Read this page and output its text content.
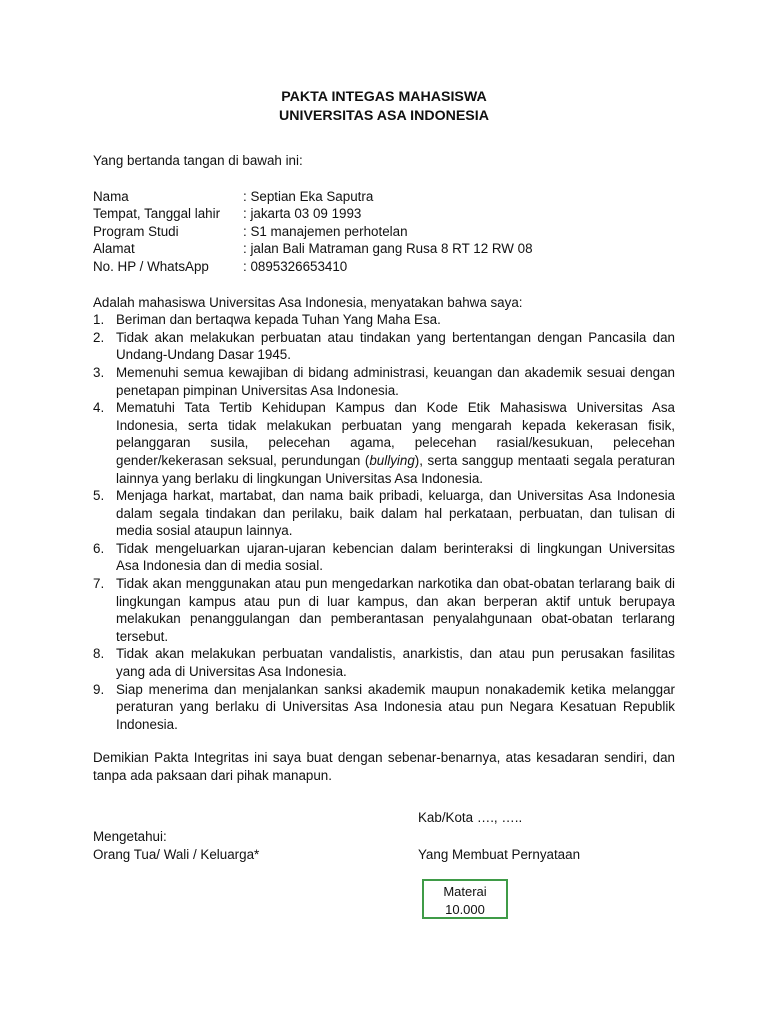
PAKTA INTEGAS MAHASISWA
UNIVERSITAS ASA INDONESIA
Yang bertanda tangan di bawah ini:
Nama	: Septian Eka Saputra
Tempat, Tanggal lahir	: jakarta 03 09 1993
Program Studi	: S1 manajemen perhotelan
Alamat	: jalan Bali Matraman gang Rusa 8 RT 12 RW 08
No. HP / WhatsApp	: 0895326653410
Adalah mahasiswa Universitas Asa Indonesia, menyatakan bahwa saya:
1. Beriman dan bertaqwa kepada Tuhan Yang Maha Esa.
2. Tidak akan melakukan perbuatan atau tindakan yang bertentangan dengan Pancasila dan Undang-Undang Dasar 1945.
3. Memenuhi semua kewajiban di bidang administrasi, keuangan dan akademik sesuai dengan penetapan pimpinan Universitas Asa Indonesia.
4. Mematuhi Tata Tertib Kehidupan Kampus dan Kode Etik Mahasiswa Universitas Asa Indonesia, serta tidak melakukan perbuatan yang mengarah kepada kekerasan fisik, pelanggaran susila, pelecehan agama, pelecehan rasial/kesukuan, pelecehan gender/kekerasan seksual, perundungan (bullying), serta sanggup mentaati segala peraturan lainnya yang berlaku di lingkungan Universitas Asa Indonesia.
5. Menjaga harkat, martabat, dan nama baik pribadi, keluarga, dan Universitas Asa Indonesia dalam segala tindakan dan perilaku, baik dalam hal perkataan, perbuatan, dan tulisan di media sosial ataupun lainnya.
6. Tidak mengeluarkan ujaran-ujaran kebencian dalam berinteraksi di lingkungan Universitas
Asa Indonesia dan di media sosial.
7. Tidak akan menggunakan atau pun mengedarkan narkotika dan obat-obatan terlarang baik di lingkungan kampus atau pun di luar kampus, dan akan berperan aktif untuk berupaya melakukan penanggulangan dan pemberantasan penyalahgunaan obat-obatan terlarang tersebut.
8. Tidak akan melakukan perbuatan vandalistis, anarkistis, dan atau pun perusakan fasilitas yang ada di Universitas Asa Indonesia.
9. Siap menerima dan menjalankan sanksi akademik maupun nonakademik ketika melanggar peraturan yang berlaku di Universitas Asa Indonesia atau pun Negara Kesatuan Republik Indonesia.
Demikian Pakta Integritas ini saya buat dengan sebenar-benarnya, atas kesadaran sendiri, dan tanpa ada paksaan dari pihak manapun.
Kab/Kota …., …..
Mengetahui:
Orang Tua/ Wali / Keluarga*	Yang Membuat Pernyataan
Materai
10.000
